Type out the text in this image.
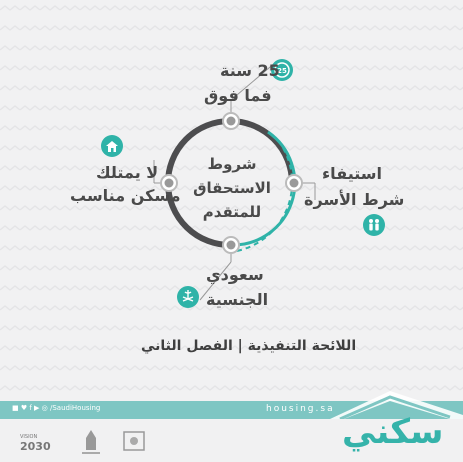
25
شروط
الاستحقاق
للمتقدم
25 سنة
فما فوق
استيفاء
شرط الأسرة
سعودي
الجنسية
لا يمتلك
مسكن مناسب
اللائحة التنفيذية | الفصل الثاني
■ ♥ f ▶ ◎ /SaudiHousing	housing.sa
سكني
VISION
2030
